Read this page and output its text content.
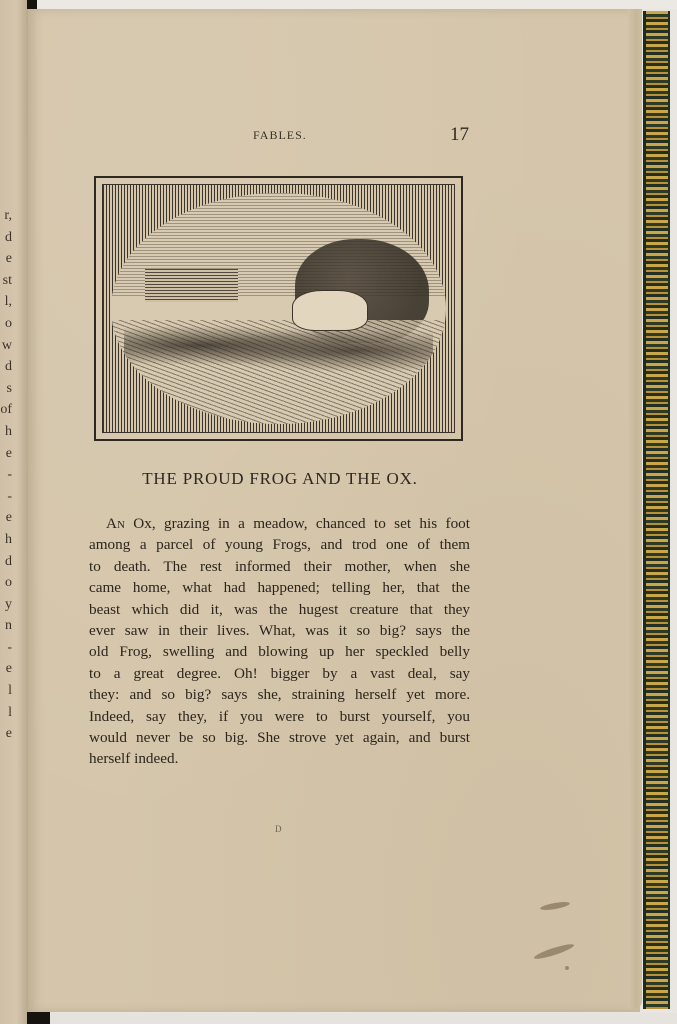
r,
d
e
st
l,
o
w
d
s
of
h
e
-
-
e
h
d
o
y
n
-
e
l
l
e
FABLES.	17
THE PROUD FROG AND THE OX.
An Ox, grazing in a meadow, chanced to set his foot
among a parcel of young Frogs, and trod one of them
to death. The rest informed their mother, when she
came home, what had happened; telling her, that the
beast which did it, was the hugest creature that they
ever saw in their lives. What, was it so big? says the
old Frog, swelling and blowing up her speckled belly
to a great degree. Oh! bigger by a vast deal, say
they: and so big? says she, straining herself yet more.
Indeed, say they, if you were to burst yourself, you
would never be so big. She strove yet again, and burst
herself indeed.
D
